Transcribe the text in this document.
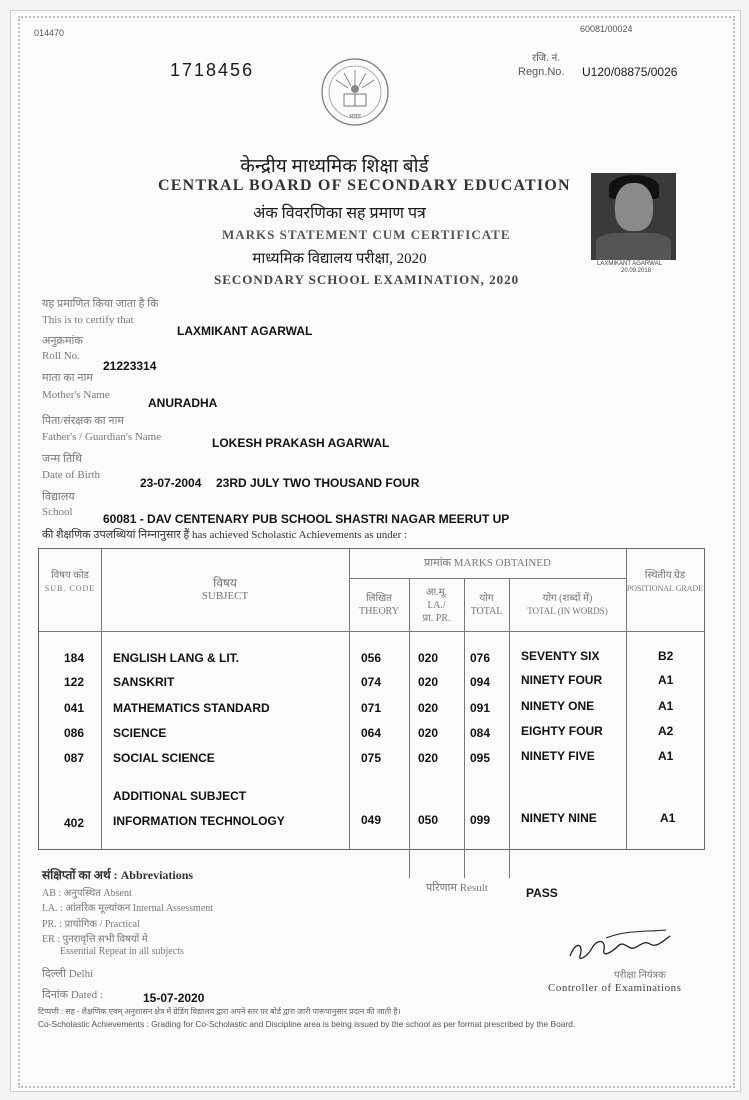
014470	60081/00024
1718456
रजि. नं.
Regn.No. U120/08875/0026
भारत
केन्द्रीय माध्यमिक शिक्षा बोर्ड
CENTRAL BOARD OF SECONDARY EDUCATION
अंक विवरणिका सह प्रमाण पत्र
MARKS STATEMENT CUM CERTIFICATE
माध्यमिक विद्यालय परीक्षा, 2020
SECONDARY SCHOOL EXAMINATION, 2020
LAXMIKANT AGARWAL
20.09.2018
यह प्रमाणित किया जाता है कि
This is to certify that
LAXMIKANT AGARWAL
अनुक्रमांक
Roll No.
21223314
माता का नाम
Mother's Name
ANURADHA
पिता/संरक्षक का नाम
Father's / Guardian's Name	LOKESH PRAKASH AGARWAL
जन्म तिथि
Date of Birth
23-07-2004 23RD JULY TWO THOUSAND FOUR
विद्यालय
School	60081 - DAV CENTENARY PUB SCHOOL SHASTRI NAGAR MEERUT UP
की शैक्षणिक उपलब्धियां निम्नानुसार हैं has achieved Scholastic Achievements as under :
विषय कोड
SUB. CODE	विषय
SUBJECT
प्रामांक MARKS OBTAINED
लिखित
THEORY
आ.मू.
I.A./
प्रा. PR.
योग
TOTAL
योग (शब्दों में)
TOTAL (IN WORDS)
स्थितीय ग्रेड
POSITIONAL GRADE
184 ENGLISH LANG & LIT.	056	020	076	SEVENTY SIX	B2
122 SANSKRIT	074	020	094	NINETY FOUR	A1
041 MATHEMATICS STANDARD	071	020	091	NINETY ONE	A1
086 SCIENCE	064	020	084	EIGHTY FOUR	A2
087 SOCIAL SCIENCE	075	020	095	NINETY FIVE	A1
ADDITIONAL SUBJECT
402 INFORMATION TECHNOLOGY	049	050	099	NINETY NINE	A1
संक्षिप्तों का अर्थ : Abbreviations
AB : अनुपस्थित Absent
I.A. : आंतरिक मूल्यांकन Internal Assessment
PR. : प्रायोगिक / Practical
ER : पुनरावृत्ति सभी विषयों मे
Essential Repeat in all subjects
दिल्ली Delhi
दिनांक Dated :	15-07-2020
परिणाम Result	PASS
परीक्षा नियंत्रक
Controller of Examinations
टिप्पणी : सह - शैक्षणिक एवम् अनुशासन क्षेत्र में ग्रेडिंग विद्यालय द्वारा अपने स्तर पर बोर्ड द्वारा जारी पारूपानुसार प्रदान की जाती है।
Co-Scholastic Achievements : Grading for Co-Scholastic and Discipline area is being issued by the school as per format prescribed by the Board.
